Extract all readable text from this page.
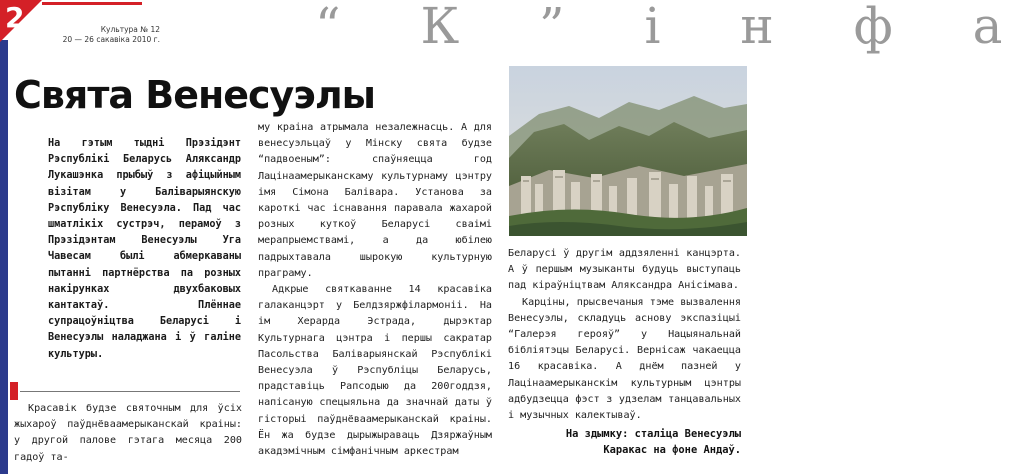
2	Культура № 12
20 — 26 сакавіка 2010 г.	“ К ” і н ф а
Свята Венесуэлы

На гэтым тыдні Прэзідэнт Рэспублікі Беларусь Аляксандр Лукашэнка прыбыў з афіцыйным візітам у Баліварыянскую Рэспубліку Венесуэла. Пад час шматлікіх сустрэч, перамоў з Прэзідэнтам Венесуэлы Уга Чавесам былі абмеркаваны пытанні партнёрства па розных накірунках двухбаковых кантактаў. Плённае супрацоўніцтва Беларусі і Венесуэлы наладжана і ў галіне культуры.

Красавік будзе святочным для ўсіх жыхароў паўднёваамерыканскай краіны: у другой палове гэтага месяца 200 гадоў та-

му краіна атрымала незалежнасць. А для венесуэльцаў у Мінску свята будзе “падвоеным”: спаўняецца год Лацінаамерыканскаму культурнаму цэнтру імя Сімона Балівара. Установа за кароткі час існавання паравала жахарой розных куткоў Беларусі сваімі мерапрыемствамі, а да юбілею падрыхтавала шырокую культурную праграму.

Адкрые святкаванне 14 красавіка галаканцэрт у Белдзяржфілармоніі. На ім Херарда Эстрада, дырэктар Культурнага цэнтра і першы сакратар Пасольства Баліварыянскай Рэспублікі Венесуэла ў Рэспубліцы Беларусь, прадставіць Рапсодыю да 200годдзя, напісаную спецыяльна да значнай даты ў гісторыі паўднёваамерыканскай краіны. Ён жа будзе дырыжыраваць Дзяржаўным акадэмічным сімфанічным аркестрам

Беларусі ў другім аддзяленні канцэрта. А ў першым музыканты будуць выступаць пад кіраўніцтвам Аляксандра Анісімава.

Карціны, прысвечаныя тэме вызвалення Венесуэлы, складуць аснову экспазіцыі “Галерэя герояў” у Нацыянальнай бібліятэцы Беларусі. Вернісаж чакаецца 16 красавіка. А днём пазней у Лацінаамерыканскім культурным цэнтры адбудзецца фэст з удзелам танцавальных і музычных калектываў.

На здымку: сталіца Венесуэлы
Каракас на фоне Андаў.
